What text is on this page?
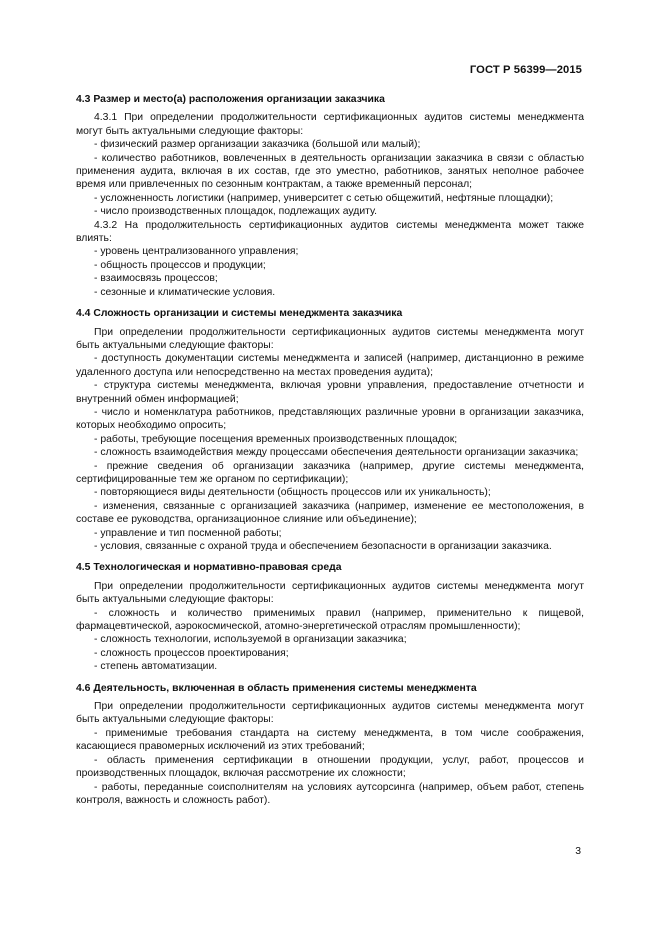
ГОСТ Р 56399—2015
4.3 Размер и место(а) расположения организации заказчика
4.3.1 При определении продолжительности сертификационных аудитов системы менеджмента могут быть актуальными следующие факторы:
- физический размер организации заказчика (большой или малый);
- количество работников, вовлеченных в деятельность организации заказчика в связи с областью применения аудита, включая в их состав, где это уместно, работников, занятых неполное рабочее время или привлеченных по сезонным контрактам, а также временный персонал;
- усложненность логистики (например, университет с сетью общежитий, нефтяные площадки);
- число производственных площадок, подлежащих аудиту.
4.3.2 На продолжительность сертификационных аудитов системы менеджмента может также влиять:
- уровень централизованного управления;
- общность процессов и продукции;
- взаимосвязь процессов;
- сезонные и климатические условия.
4.4 Сложность организации и системы менеджмента заказчика
При определении продолжительности сертификационных аудитов системы менеджмента могут быть актуальными следующие факторы:
- доступность документации системы менеджмента и записей (например, дистанционно в режиме удаленного доступа или непосредственно на местах проведения аудита);
- структура системы менеджмента, включая уровни управления, предоставление отчетности и внутренний обмен информацией;
- число и номенклатура работников, представляющих различные уровни в организации заказчика, которых необходимо опросить;
- работы, требующие посещения временных производственных площадок;
- сложность взаимодействия между процессами обеспечения деятельности организации заказчика;
- прежние сведения об организации заказчика (например, другие системы менеджмента, сертифицированные тем же органом по сертификации);
- повторяющиеся виды деятельности (общность процессов или их уникальность);
- изменения, связанные с организацией заказчика (например, изменение ее местоположения, в составе ее руководства, организационное слияние или объединение);
- управление и тип посменной работы;
- условия, связанные с охраной труда и обеспечением безопасности в организации заказчика.
4.5 Технологическая и нормативно-правовая среда
При определении продолжительности сертификационных аудитов системы менеджмента могут быть актуальными следующие факторы:
- сложность и количество применимых правил (например, применительно к пищевой, фармацевтической, аэрокосмической, атомно-энергетической отраслям промышленности);
- сложность технологии, используемой в организации заказчика;
- сложность процессов проектирования;
- степень автоматизации.
4.6 Деятельность, включенная в область применения системы менеджмента
При определении продолжительности сертификационных аудитов системы менеджмента могут быть актуальными следующие факторы:
- применимые требования стандарта на систему менеджмента, в том числе соображения, касающиеся правомерных исключений из этих требований;
- область применения сертификации в отношении продукции, услуг, работ, процессов и производственных площадок, включая рассмотрение их сложности;
- работы, переданные соисполнителям на условиях аутсорсинга (например, объем работ, степень контроля, важность и сложность работ).
3
